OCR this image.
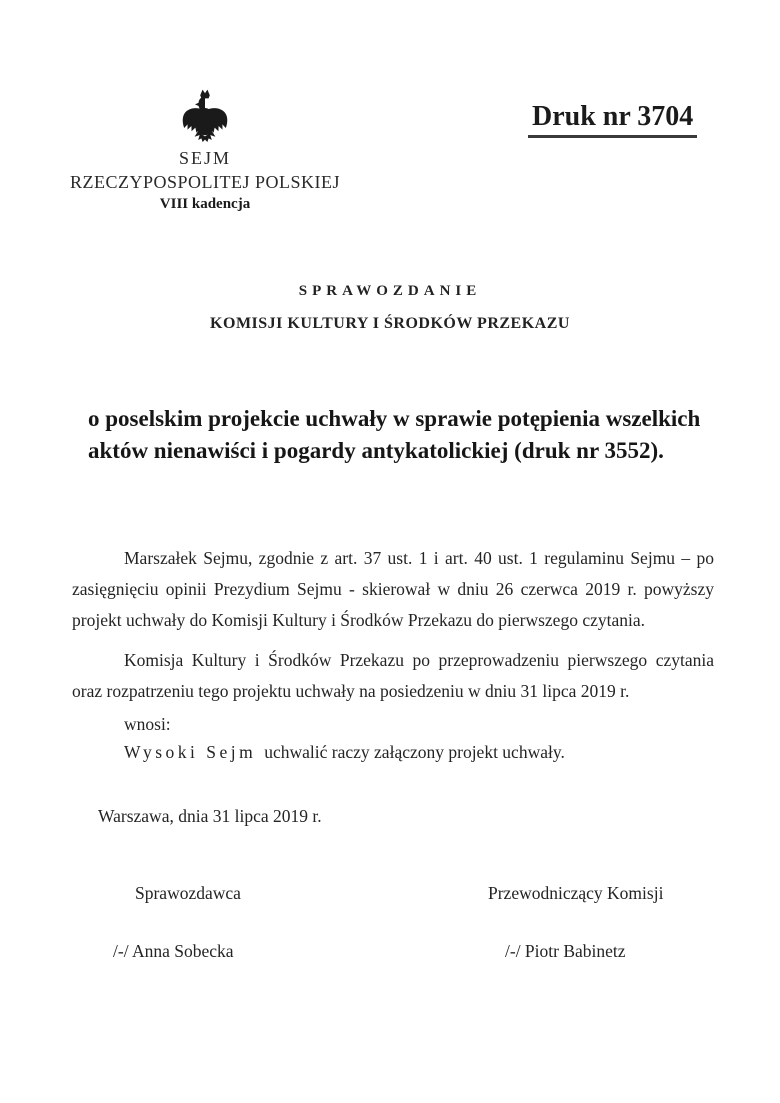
SEJM
RZECZYPOSPOLITEJ POLSKIEJ
VIII kadencja
Druk nr 3704
SPRAWOZDANIE
KOMISJI KULTURY I ŚRODKÓW PRZEKAZU
o poselskim projekcie uchwały w sprawie potępienia wszelkich aktów nienawiści i pogardy antykatolickiej (druk nr 3552).

Marszałek Sejmu, zgodnie z art. 37 ust. 1 i art. 40 ust. 1 regulaminu Sejmu – po zasięgnięciu opinii Prezydium Sejmu - skierował w dniu 26 czerwca 2019 r. powyższy projekt uchwały do Komisji Kultury i Środków Przekazu do pierwszego czytania.

Komisja Kultury i Środków Przekazu po przeprowadzeniu pierwszego czytania oraz rozpatrzeniu tego projektu uchwały na posiedzeniu w dniu 31 lipca 2019 r.

wnosi:
Wysoki Sejm uchwalić raczy załączony projekt uchwały.
Warszawa, dnia 31 lipca 2019 r.
Sprawozdawca	Przewodniczący Komisji
/-/ Anna Sobecka	/-/ Piotr Babinetz
